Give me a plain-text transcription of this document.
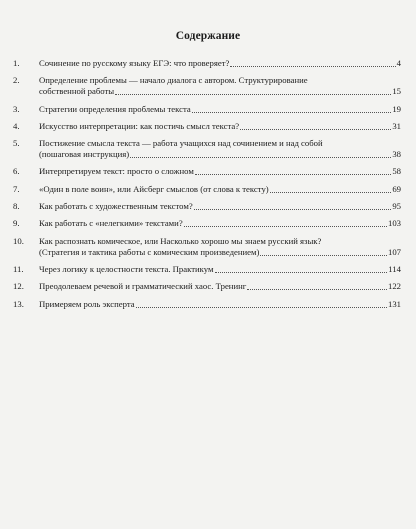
Содержание
1.	Сочинение по русскому языку ЕГЭ: что проверяет?	4
2.	Определение проблемы — начало диалога с автором. Структурирование
собственной работы	15
3.	Стратегии определения проблемы текста	19
4.	Искусство интерпретации: как постичь смысл текста?	31
5.	Постижение смысла текста — работа учащихся над сочинением и над собой
(пошаговая инструкция)	38
6.	Интерпретируем текст: просто о сложном	58
7.	«Один в поле воин», или Айсберг смыслов (от слова к тексту)	69
8.	Как работать с художественным текстом?	95
9.	Как работать с «нелегкими» текстами?	103
10.	Как распознать комическое, или Насколько хорошо мы знаем русский язык?
(Стратегия и тактика работы с комическим произведением)	107
11.	Через логику к целостности текста. Практикум	114
12.	Преодолеваем речевой и грамматический хаос. Тренинг	122
13.	Примеряем роль эксперта	131
